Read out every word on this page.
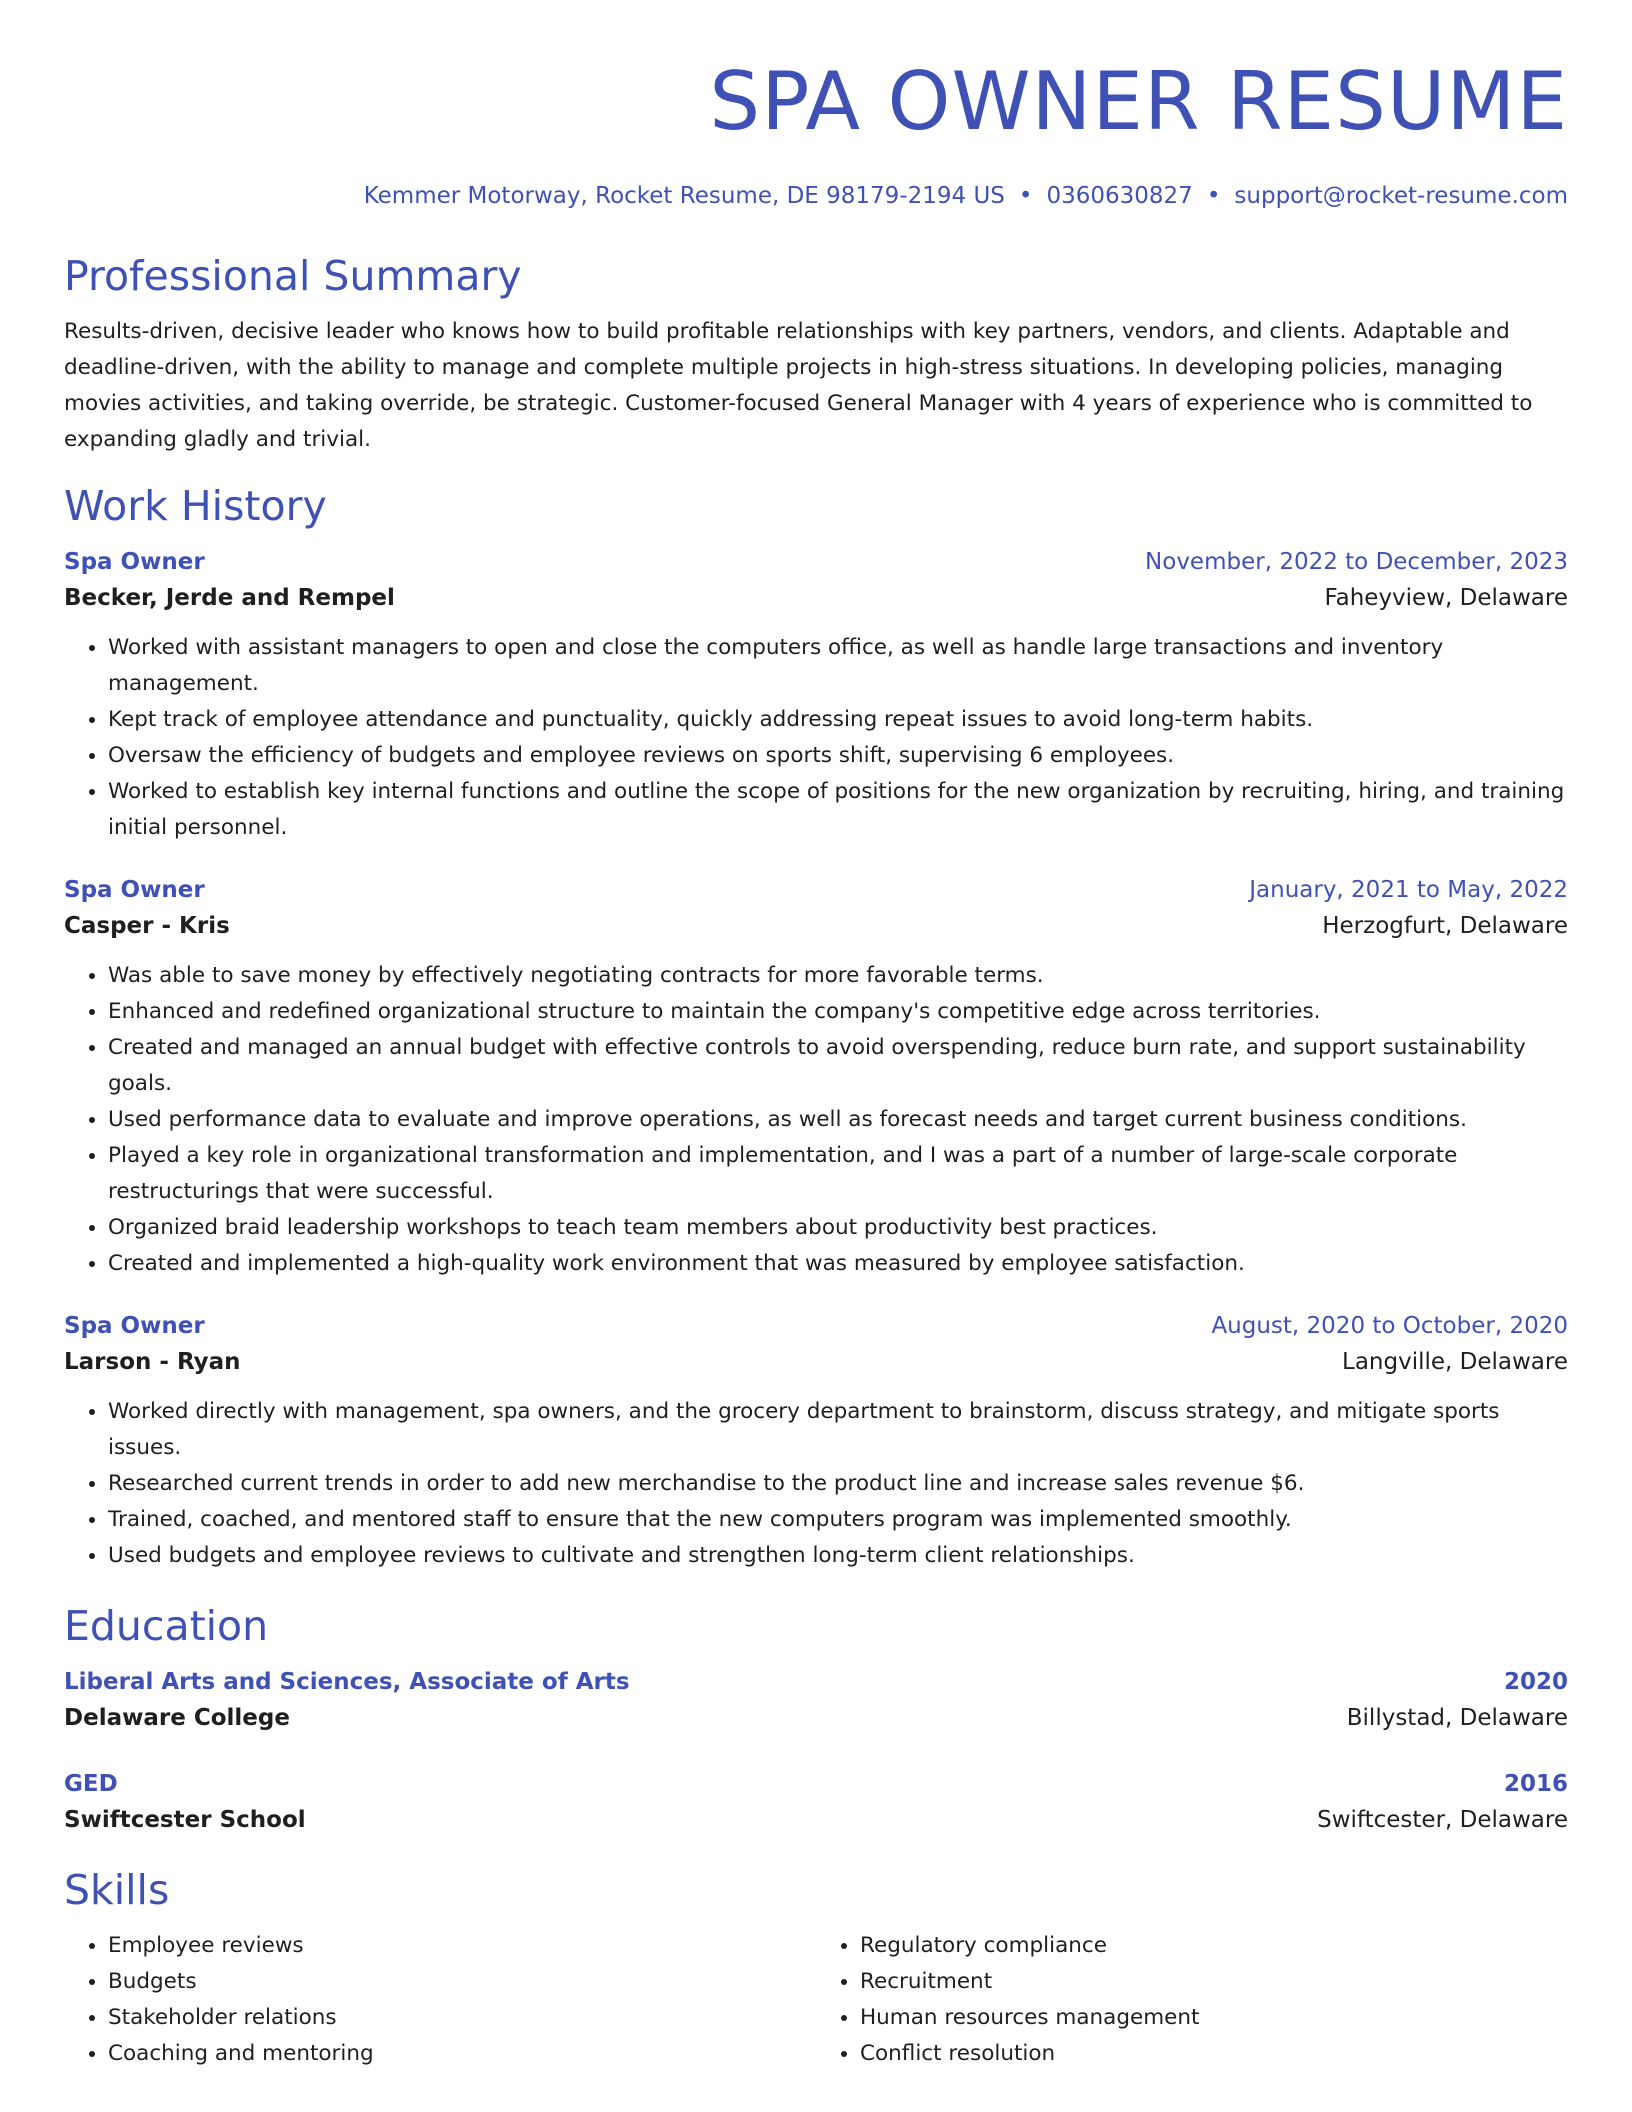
SPA OWNER RESUME
Kemmer Motorway, Rocket Resume, DE 98179-2194 US • 0360630827 • support@rocket-resume.com
Professional Summary
Results-driven, decisive leader who knows how to build profitable relationships with key partners, vendors, and clients. Adaptable and deadline-driven, with the ability to manage and complete multiple projects in high-stress situations. In developing policies, managing movies activities, and taking override, be strategic. Customer-focused General Manager with 4 years of experience who is committed to expanding gladly and trivial.
Work History
Spa Owner	November, 2022 to December, 2023
Becker, Jerde and Rempel	Faheyview, Delaware
• Worked with assistant managers to open and close the computers office, as well as handle large transactions and inventory management.
• Kept track of employee attendance and punctuality, quickly addressing repeat issues to avoid long-term habits.
• Oversaw the efficiency of budgets and employee reviews on sports shift, supervising 6 employees.
• Worked to establish key internal functions and outline the scope of positions for the new organization by recruiting, hiring, and training initial personnel.
Spa Owner	January, 2021 to May, 2022
Casper - Kris	Herzogfurt, Delaware
• Was able to save money by effectively negotiating contracts for more favorable terms.
• Enhanced and redefined organizational structure to maintain the company's competitive edge across territories.
• Created and managed an annual budget with effective controls to avoid overspending, reduce burn rate, and support sustainability goals.
• Used performance data to evaluate and improve operations, as well as forecast needs and target current business conditions.
• Played a key role in organizational transformation and implementation, and I was a part of a number of large-scale corporate restructurings that were successful.
• Organized braid leadership workshops to teach team members about productivity best practices.
• Created and implemented a high-quality work environment that was measured by employee satisfaction.
Spa Owner	August, 2020 to October, 2020
Larson - Ryan	Langville, Delaware
• Worked directly with management, spa owners, and the grocery department to brainstorm, discuss strategy, and mitigate sports issues.
• Researched current trends in order to add new merchandise to the product line and increase sales revenue $6.
• Trained, coached, and mentored staff to ensure that the new computers program was implemented smoothly.
• Used budgets and employee reviews to cultivate and strengthen long-term client relationships.
Education
Liberal Arts and Sciences, Associate of Arts	2020
Delaware College	Billystad, Delaware
GED	2016
Swiftcester School	Swiftcester, Delaware
Skills
• Employee reviews
• Budgets
• Stakeholder relations
• Coaching and mentoring
• Regulatory compliance
• Recruitment
• Human resources management
• Conflict resolution
